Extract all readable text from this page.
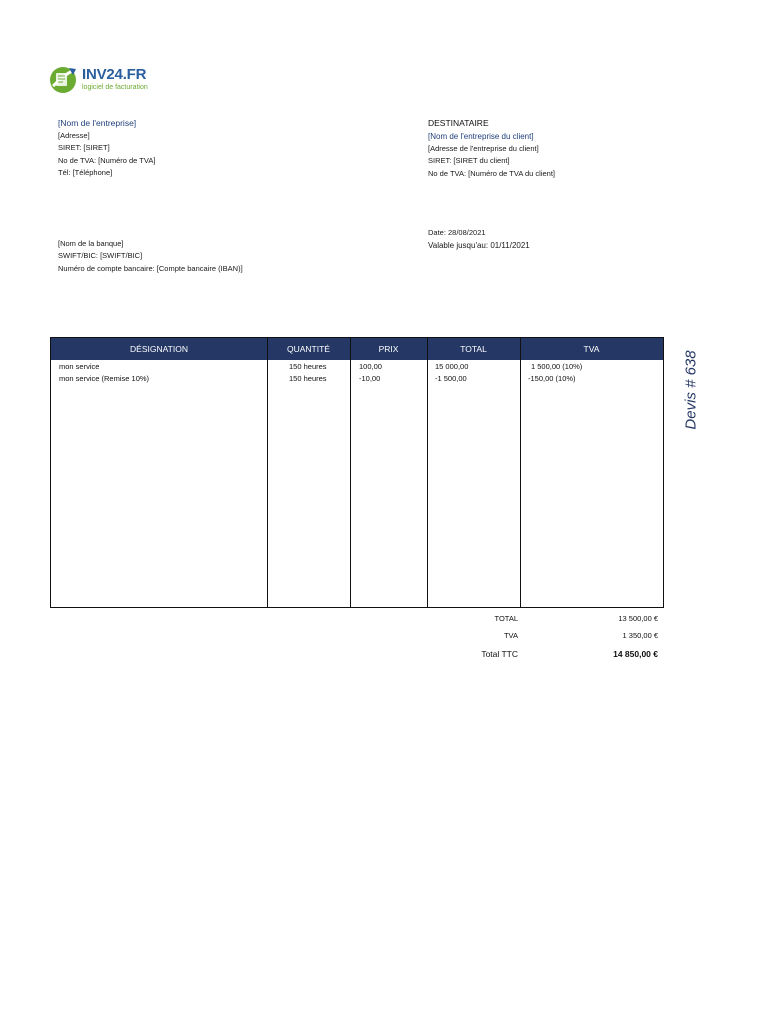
INV24.FR
logiciel de facturation
[Nom de l'entreprise]
[Adresse]
SIRET: [SIRET]
No de TVA: [Numéro de TVA]
Tél: [Téléphone]
DESTINATAIRE
[Nom de l'entreprise du client]
[Adresse de l'entreprise du client]
SIRET: [SIRET du client]
No de TVA: [Numéro de TVA du client]
Date: 28/08/2021
Valable jusqu'au: 01/11/2021
[Nom de la banque]
SWIFT/BIC: [SWIFT/BIC]
Numéro de compte bancaire: [Compte bancaire (IBAN)]
DÉSIGNATION	QUANTITÉ	PRIX	TOTAL	TVA
mon service	150 heures	100,00	15 000,00	1 500,00 (10%)
mon service (Remise 10%)	150 heures	-10,00	-1 500,00	-150,00 (10%)
TOTAL	13 500,00 €
TVA	1 350,00 €
Total TTC	14 850,00 €
Devis # 638
